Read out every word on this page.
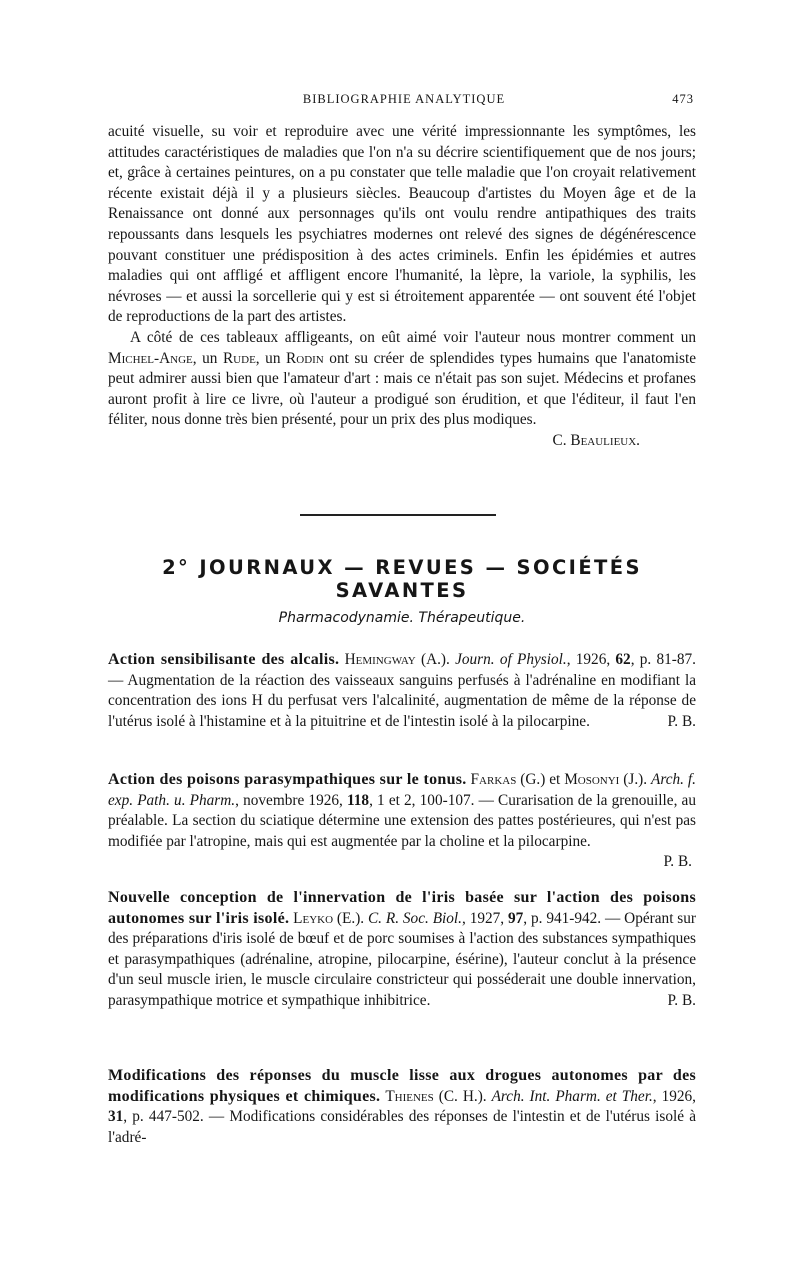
BIBLIOGRAPHIE ANALYTIQUE	473

acuité visuelle, su voir et reproduire avec une vérité impressionnante les symptômes, les attitudes caractéristiques de maladies que l'on n'a su décrire scientifiquement que de nos jours; et, grâce à certaines peintures, on a pu constater que telle maladie que l'on croyait relativement récente existait déjà il y a plusieurs siècles. Beaucoup d'artistes du Moyen âge et de la Renaissance ont donné aux personnages qu'ils ont voulu rendre antipathiques des traits repoussants dans lesquels les psychiatres modernes ont relevé des signes de dégénérescence pouvant constituer une prédisposition à des actes criminels. Enfin les épidémies et autres maladies qui ont affligé et affligent encore l'humanité, la lèpre, la variole, la syphilis, les névroses — et aussi la sorcellerie qui y est si étroitement apparentée — ont souvent été l'objet de reproductions de la part des artistes.

A côté de ces tableaux affligeants, on eût aimé voir l'auteur nous montrer comment un Michel-Ange, un Rude, un Rodin ont su créer de splendides types humains que l'anatomiste peut admirer aussi bien que l'amateur d'art : mais ce n'était pas son sujet. Médecins et profanes auront profit à lire ce livre, où l'auteur a prodigué son érudition, et que l'éditeur, il faut l'en féliter, nous donne très bien présenté, pour un prix des plus modiques.

C. Beaulieux.

2° JOURNAUX — REVUES — SOCIÉTÉS SAVANTES
Pharmacodynamie. Thérapeutique.
Action sensibilisante des alcalis. Hemingway (A.). Journ. of Physiol., 1926, 62, p. 81-87. — Augmentation de la réaction des vaisseaux sanguins perfusés à l'adrénaline en modifiant la concentration des ions H du perfusat vers l'alcalinité, augmentation de même de la réponse de l'utérus isolé à l'histamine et à la pituitrine et de l'intestin isolé à la pilocarpine.	P. B.
Action des poisons parasympathiques sur le tonus. Farkas (G.) et Mosonyi (J.). Arch. f. exp. Path. u. Pharm., novembre 1926, 118, 1 et 2, 100-107. — Curarisation de la grenouille, au préalable. La section du sciatique détermine une extension des pattes postérieures, qui n'est pas modifiée par l'atropine, mais qui est augmentée par la choline et la pilocarpine.
P. B.
Nouvelle conception de l'innervation de l'iris basée sur l'action des poisons autonomes sur l'iris isolé. Leyko (E.). C. R. Soc. Biol., 1927, 97, p. 941-942. — Opérant sur des préparations d'iris isolé de bœuf et de porc soumises à l'action des substances sympathiques et parasympathiques (adrénaline, atropine, pilocarpine, ésérine), l'auteur conclut à la présence d'un seul muscle irien, le muscle circulaire constricteur qui posséderait une double innervation, parasympathique motrice et sympathique inhibitrice.	P. B.
Modifications des réponses du muscle lisse aux drogues autonomes par des modifications physiques et chimiques. Thienes (C. H.). Arch. Int. Pharm. et Ther., 1926, 31, p. 447-502. — Modifications considérables des réponses de l'intestin et de l'utérus isolé à l'adré-
